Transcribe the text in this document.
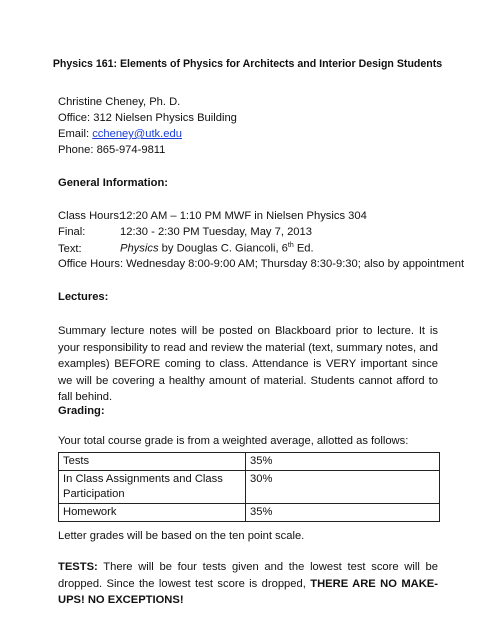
Physics 161: Elements of Physics for Architects and Interior Design Students
Christine Cheney, Ph. D.
Office: 312 Nielsen Physics Building
Email: ccheney@utk.edu
Phone: 865-974-9811
General Information:
Class Hours:12:20 AM – 1:10 PM MWF in Nielsen Physics 304
Final:	12:30 - 2:30 PM Tuesday, May 7, 2013
Text:	Physics by Douglas C. Giancoli, 6th Ed.
Office Hours: Wednesday 8:00-9:00 AM; Thursday 8:30-9:30; also by appointment
Lectures:
Summary lecture notes will be posted on Blackboard prior to lecture. It is your responsibility to read and review the material (text, summary notes, and examples) BEFORE coming to class. Attendance is VERY important since we will be covering a healthy amount of material. Students cannot afford to fall behind.
Grading:
Your total course grade is from a weighted average, allotted as follows:
Tests	35%
In Class Assignments and Class Participation	30%
Homework	35%
Letter grades will be based on the ten point scale.
TESTS: There will be four tests given and the lowest test score will be dropped. Since the lowest test score is dropped, THERE ARE NO MAKE-UPS! NO EXCEPTIONS!
